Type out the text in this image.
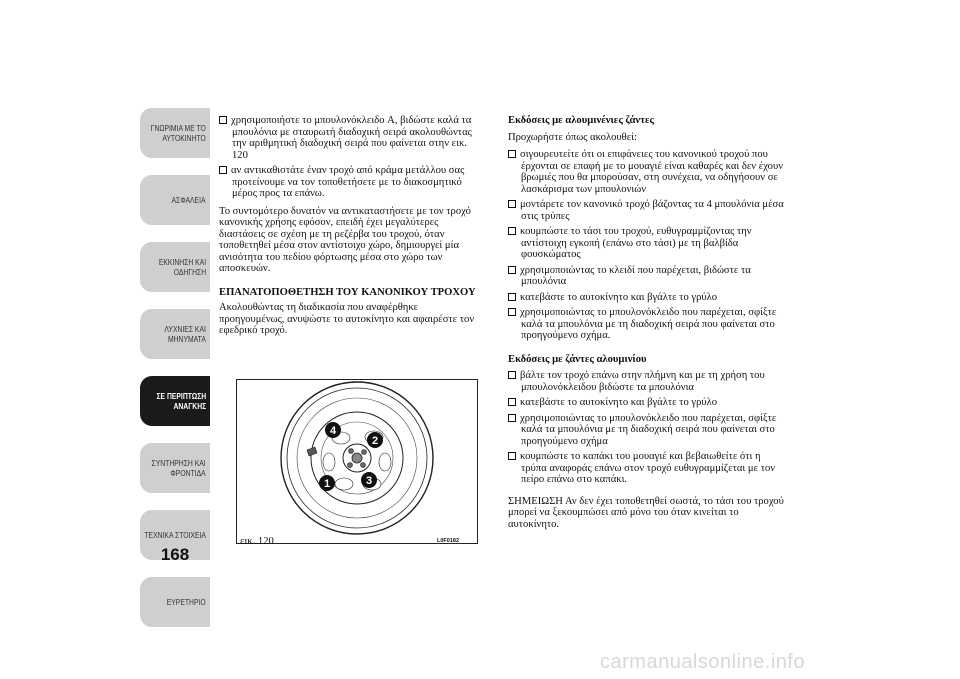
ΓΝΩΡΙΜΙΑ ΜΕ ΤΟ
ΑΥΤΟΚΙΝΗΤΟ
ΑΣΦΑΛΕΙΑ
ΕΚΚΙΝΗΣΗ ΚΑΙ
ΟΔΗΓΗΣΗ
ΛΥΧΝΙΕΣ ΚΑΙ
ΜΗΝΥΜΑΤΑ
ΣΕ ΠΕΡΙΠΤΩΣΗ
ΑΝΑΓΚΗΣ
ΣΥΝΤΗΡΗΣΗ ΚΑΙ
ΦΡΟΝΤΙΔΑ
ΤΕΧΝΙΚΑ ΣΤΟΙΧΕΙΑ
ΕΥΡΕΤΗΡΙΟ
168
χρησιμοποιήστε το μπουλονόκλειδο A, βιδώστε καλά τα μπουλόνια με σταυρωτή διαδοχική σειρά ακολουθώντας την αριθμητική διαδοχική σειρά που φαίνεται στην εικ. 120
αν αντικαθιστάτε έναν τροχό από κράμα μετάλλου σας προτείνουμε να τον τοποθετήσετε με το διακοσμητικό μέρος προς τα επάνω.

Το συντομότερο δυνατόν να αντικαταστήσετε με τον τροχό κανονικής χρήσης εφόσον, επειδή έχει μεγαλύτερες διαστάσεις σε σχέση με τη ρεζέρβα του τροχού, όταν τοποθετηθεί μέσα στον αντίστοιχο χώρο, δημιουργεί μία ανισότητα του πεδίου φόρτωσης μέσα στο χώρο των αποσκευών.

ΕΠΑΝΑΤΟΠΟΘΕΤΗΣΗ ΤΟΥ ΚΑΝΟΝΙΚΟΥ ΤΡΟΧΟΥ

Ακολουθώντας τη διαδικασία που αναφέρθηκε προηγουμένως, ανυψώστε το αυτοκίνητο και αφαιρέστε τον εφεδρικό τροχό.

4
2
1	3
εικ. 120	L0F0182
Εκδόσεις με αλουμινένιες ζάντες

Προχωρήστε όπως ακολουθεί:

σιγουρευτείτε ότι οι επιφάνειες του κανονικού τροχού που έρχονται σε επαφή με το μουαγιέ είναι καθαρές και δεν έχουν βρωμιές που θα μπορούσαν, στη συνέχεια, να οδηγήσουν σε λασκάρισμα των μπουλονιών
μοντάρετε τον κανονικό τροχό βάζοντας τα 4 μπουλόνια μέσα στις τρύπες
κουμπώστε το τάσι του τροχού, ευθυγραμμίζοντας την αντίστοιχη εγκοπή (επάνω στο τάσι) με τη βαλβίδα φουσκώματος
χρησιμοποιώντας το κλειδί που παρέχεται, βιδώστε τα μπουλόνια
κατεβάστε το αυτοκίνητο και βγάλτε το γρύλο
χρησιμοποιώντας το μπουλονόκλειδο που παρέχεται, σφίξτε καλά τα μπουλόνια με τη διαδοχική σειρά που φαίνεται στο προηγούμενο σχήμα.
Εκδόσεις με ζάντες αλουμινίου
βάλτε τον τροχό επάνω στην πλήμνη και με τη χρήση του μπουλονόκλειδου βιδώστε τα μπουλόνια
κατεβάστε το αυτοκίνητο και βγάλτε το γρύλο
χρησιμοποιώντας το μπουλονόκλειδο που παρέχεται, σφίξτε καλά τα μπουλόνια με τη διαδοχική σειρά που φαίνεται στο προηγούμενο σχήμα
κουμπώστε το καπάκι του μουαγιέ και βεβαιωθείτε ότι η τρύπα αναφοράς επάνω στον τροχό ευθυγραμμίζεται με τον πείρο επάνω στο καπάκι.

ΣΗΜΕΙΩΣΗ Αν δεν έχει τοποθετηθεί σωστά, το τάσι του τροχού μπορεί να ξεκουμπώσει από μόνο του όταν κινείται το αυτοκίνητο.

carmanualsonline.info
